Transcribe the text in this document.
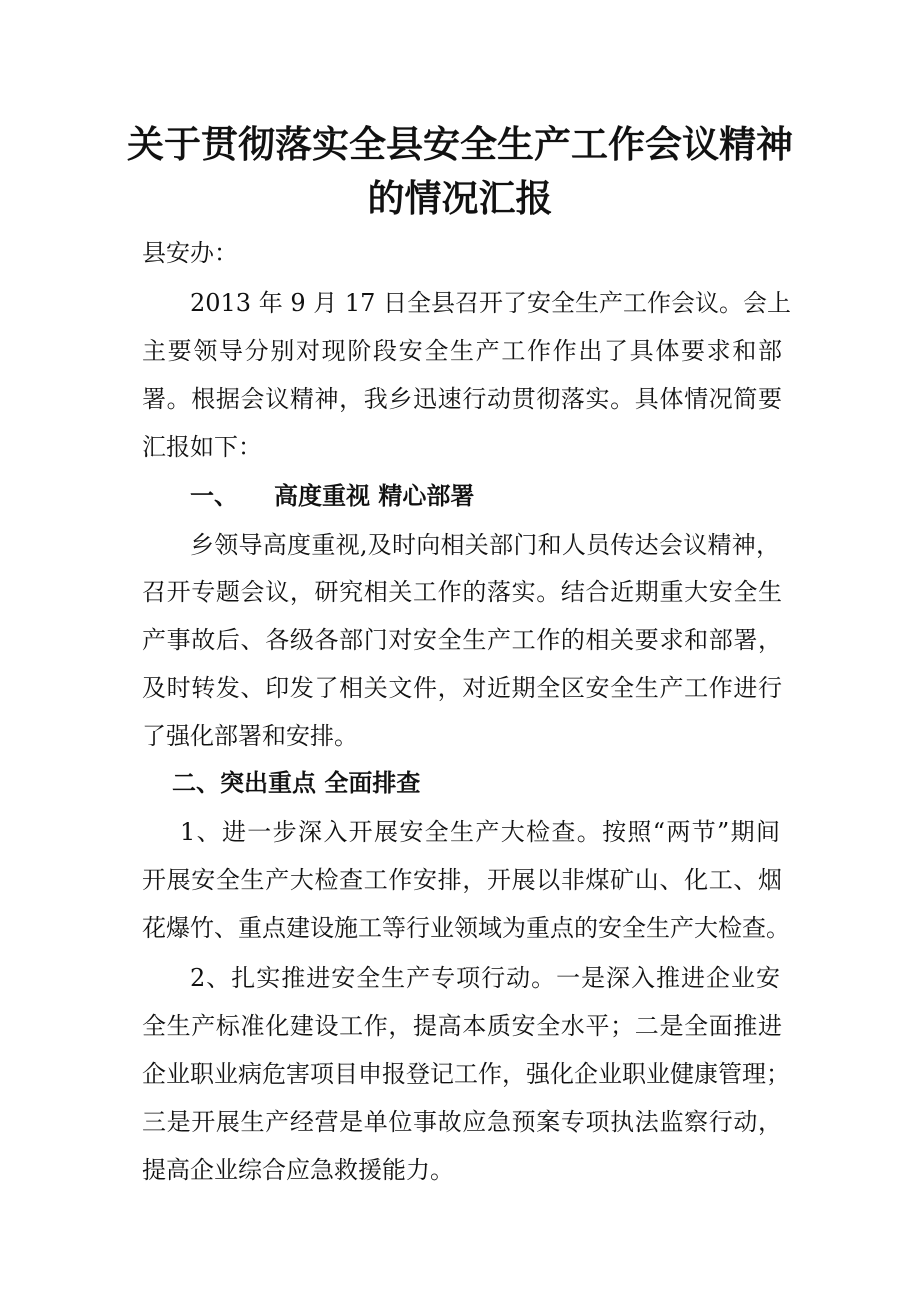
关于贯彻落实全县安全生产工作会议精神
的情况汇报

县安办：

2013 年 9 月 17 日全县召开了安全生产工作会议。会上

主要领导分别对现阶段安全生产工作作出了具体要求和部

署。根据会议精神，我乡迅速行动贯彻落实。具体情况简要

汇报如下：

一、 高度重视 精心部署

乡领导高度重视,及时向相关部门和人员传达会议精神，

召开专题会议，研究相关工作的落实。结合近期重大安全生

产事故后、各级各部门对安全生产工作的相关要求和部署，

及时转发、印发了相关文件，对近期全区安全生产工作进行

了强化部署和安排。

二、突出重点 全面排查

1、进一步深入开展安全生产大检查。按照“两节”期间

开展安全生产大检查工作安排，开展以非煤矿山、化工、烟

花爆竹、重点建设施工等行业领域为重点的安全生产大检查。

2、扎实推进安全生产专项行动。一是深入推进企业安

全生产标准化建设工作，提高本质安全水平；二是全面推进

企业职业病危害项目申报登记工作，强化企业职业健康管理；

三是开展生产经营是单位事故应急预案专项执法监察行动，

提高企业综合应急救援能力。
